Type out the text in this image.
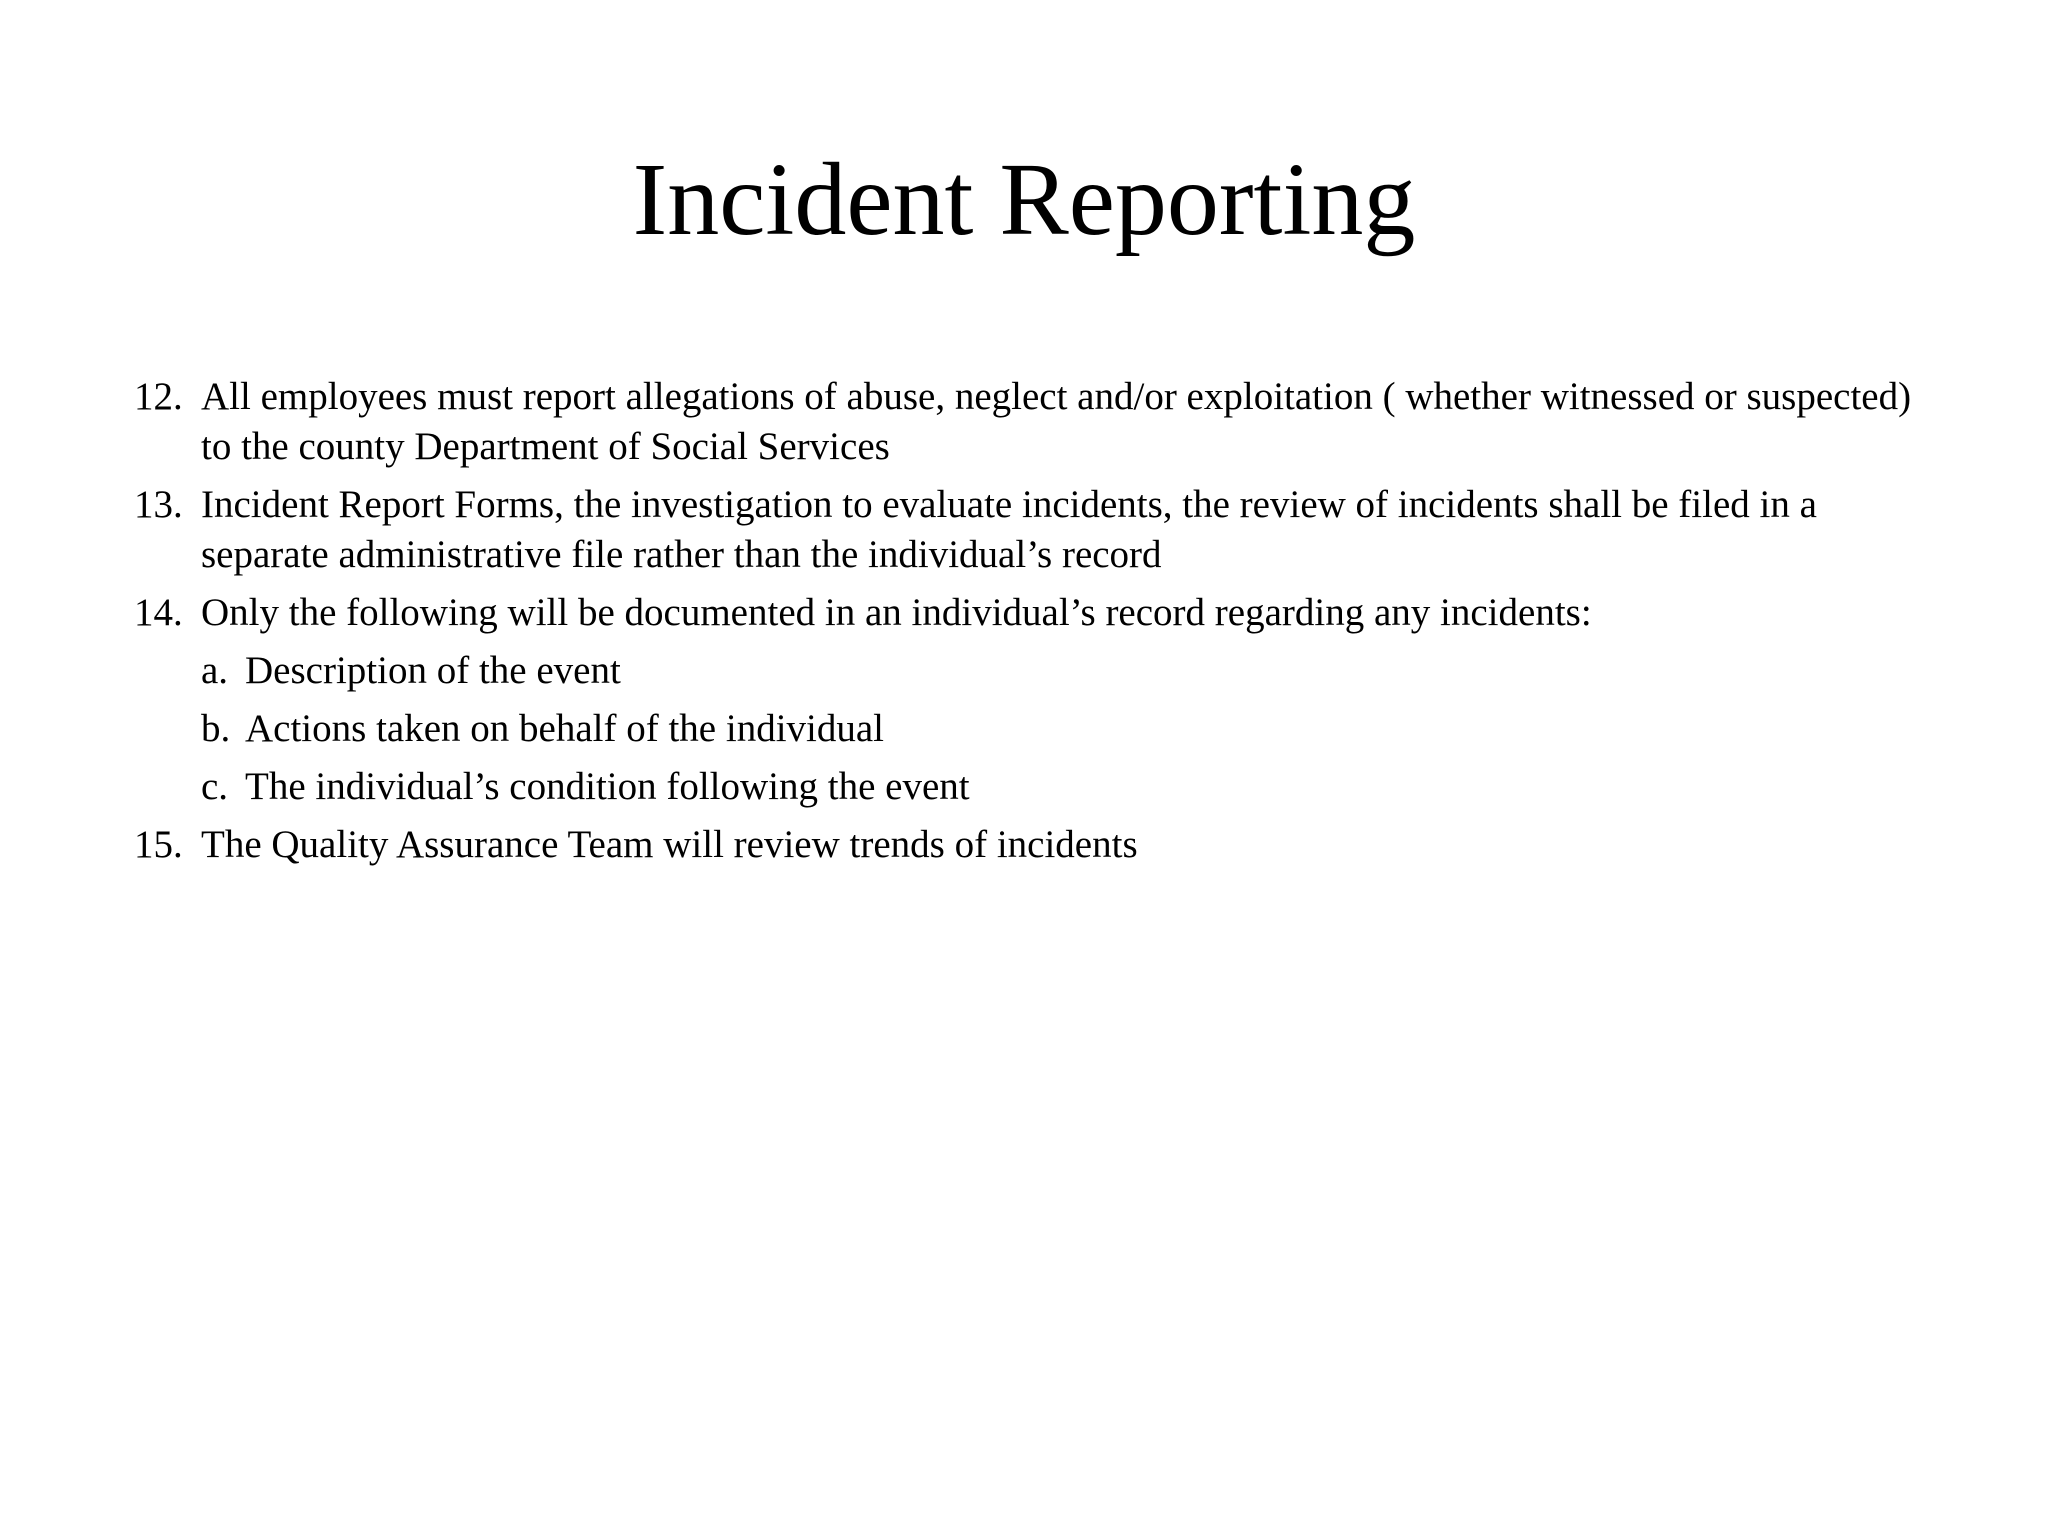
Incident Reporting
12. All employees must report allegations of abuse, neglect and/or exploitation ( whether witnessed or suspected) to the county Department of Social Services
13. Incident Report Forms, the investigation to evaluate incidents, the review of incidents shall be filed in a separate administrative file rather than the individual’s record
14. Only the following will be documented in an individual’s record regarding any incidents:
a. Description of the event
b. Actions taken on behalf of the individual
c. The individual’s condition following the event
15. The Quality Assurance Team will review trends of incidents
